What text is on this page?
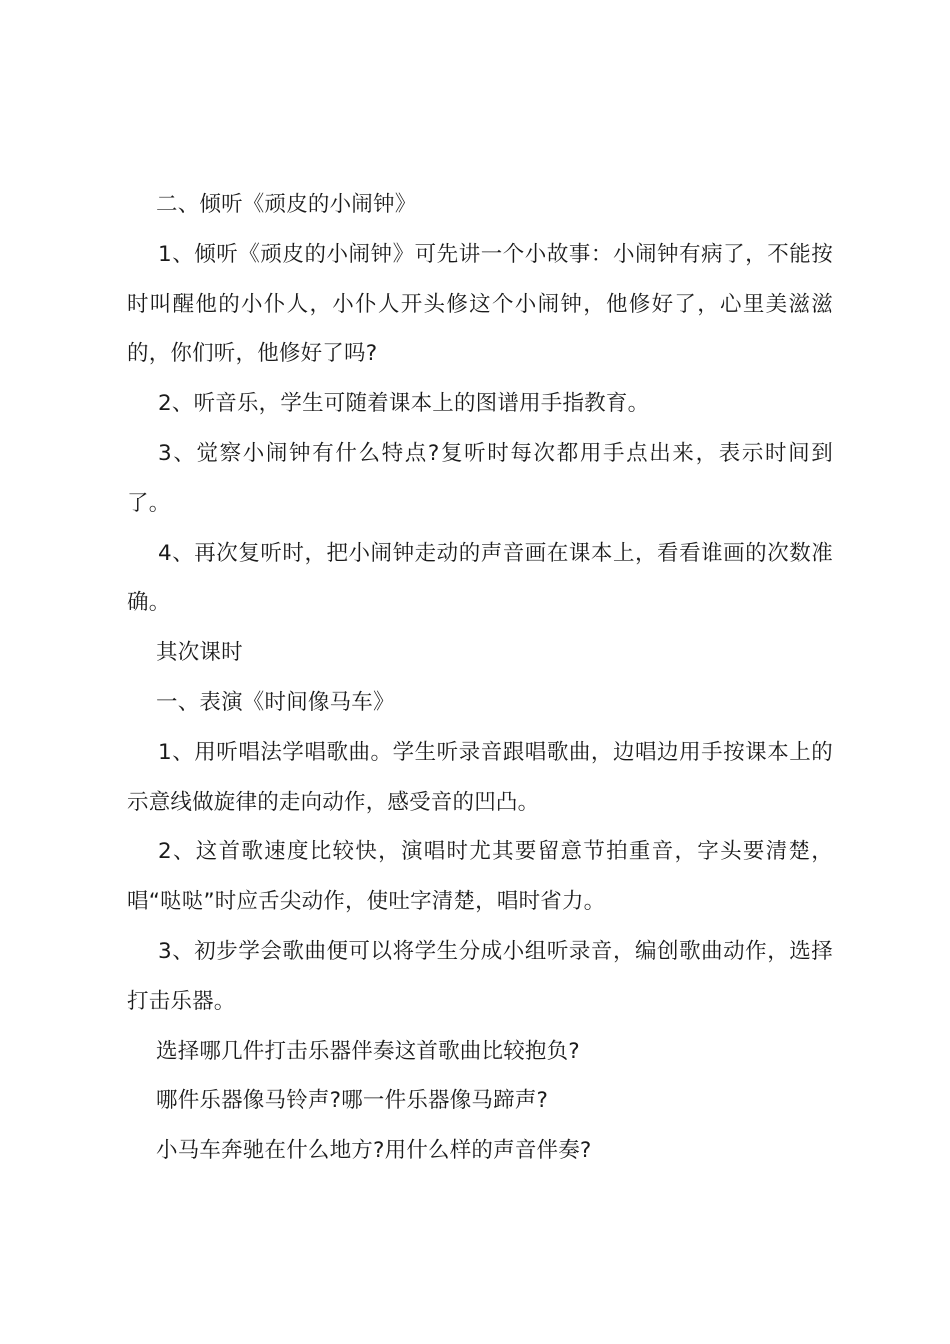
二、倾听《顽皮的小闹钟》

1、倾听《顽皮的小闹钟》可先讲一个小故事：小闹钟有病了，不能按时叫醒他的小仆人，小仆人开头修这个小闹钟，他修好了，心里美滋滋的，你们听，他修好了吗?

2、听音乐，学生可随着课本上的图谱用手指教育。

3、觉察小闹钟有什么特点?复听时每次都用手点出来，表示时间到了。

4、再次复听时，把小闹钟走动的声音画在课本上，看看谁画的次数准确。

其次课时

一、表演《时间像马车》

1、用听唱法学唱歌曲。学生听录音跟唱歌曲，边唱边用手按课本上的示意线做旋律的走向动作，感受音的凹凸。

2、这首歌速度比较快，演唱时尤其要留意节拍重音，字头要清楚，唱“哒哒”时应舌尖动作，使吐字清楚，唱时省力。

3、初步学会歌曲便可以将学生分成小组听录音，编创歌曲动作，选择打击乐器。

选择哪几件打击乐器伴奏这首歌曲比较抱负?

哪件乐器像马铃声?哪一件乐器像马蹄声?

小马车奔驰在什么地方?用什么样的声音伴奏?
